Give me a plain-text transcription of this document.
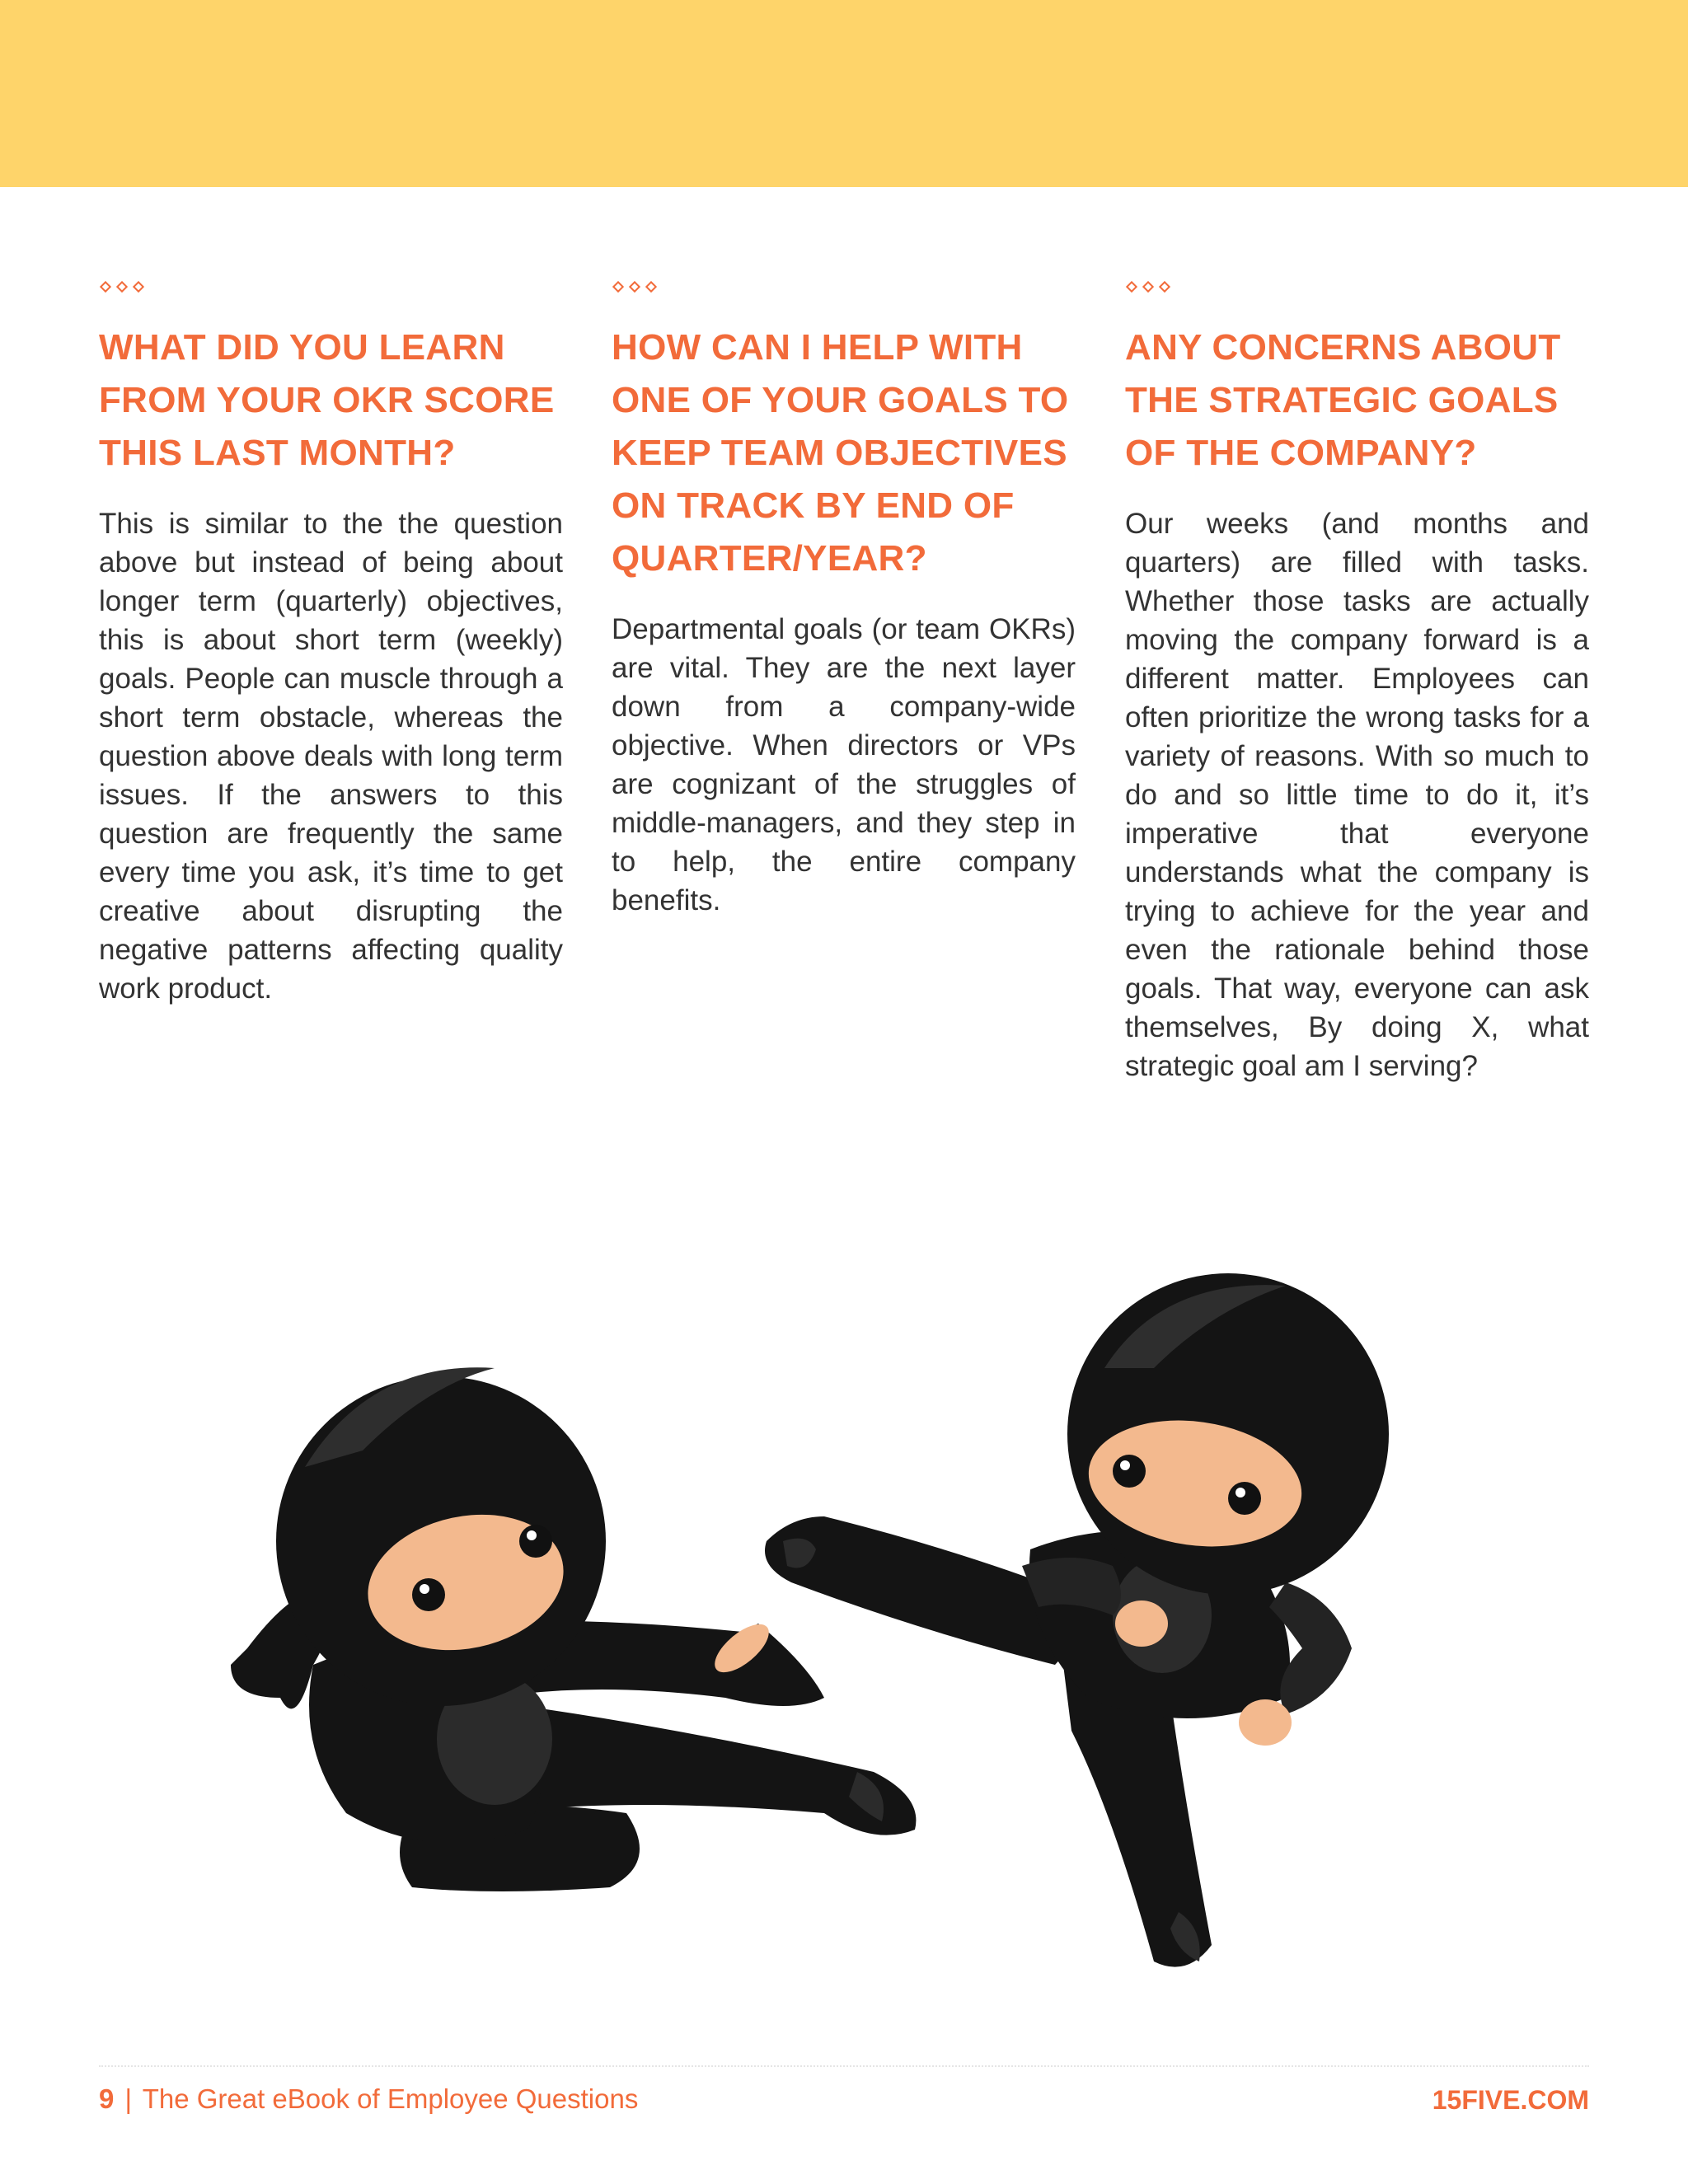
WHAT DID YOU LEARN FROM YOUR OKR SCORE THIS LAST MONTH?

This is similar to the the question above but instead of being about longer term (quarterly) objectives, this is about short term (weekly) goals. People can muscle through a short term obstacle, whereas the question above deals with long term issues. If the answers to this question are frequently the same every time you ask, it’s time to get creative about disrupting the negative patterns affecting quality work product.

HOW CAN I HELP WITH ONE OF YOUR GOALS TO KEEP TEAM OBJECTIVES ON TRACK BY END OF QUARTER/YEAR?

Departmental goals (or team OKRs) are vital. They are the next layer down from a company-wide objective. When directors or VPs are cognizant of the struggles of middle-managers, and they step in to help, the entire company benefits.

ANY CONCERNS ABOUT THE STRATEGIC GOALS OF THE COMPANY?

Our weeks (and months and quarters) are filled with tasks. Whether those tasks are actually moving the company forward is a different matter. Employees can often prioritize the wrong tasks for a variety of reasons. With so much to do and so little time to do it, it’s imperative that everyone understands what the company is trying to achieve for the year and even the rationale behind those goals. That way, everyone can ask themselves, By doing X, what strategic goal am I serving?

9 | The Great eBook of Employee Questions	15FIVE.COM
